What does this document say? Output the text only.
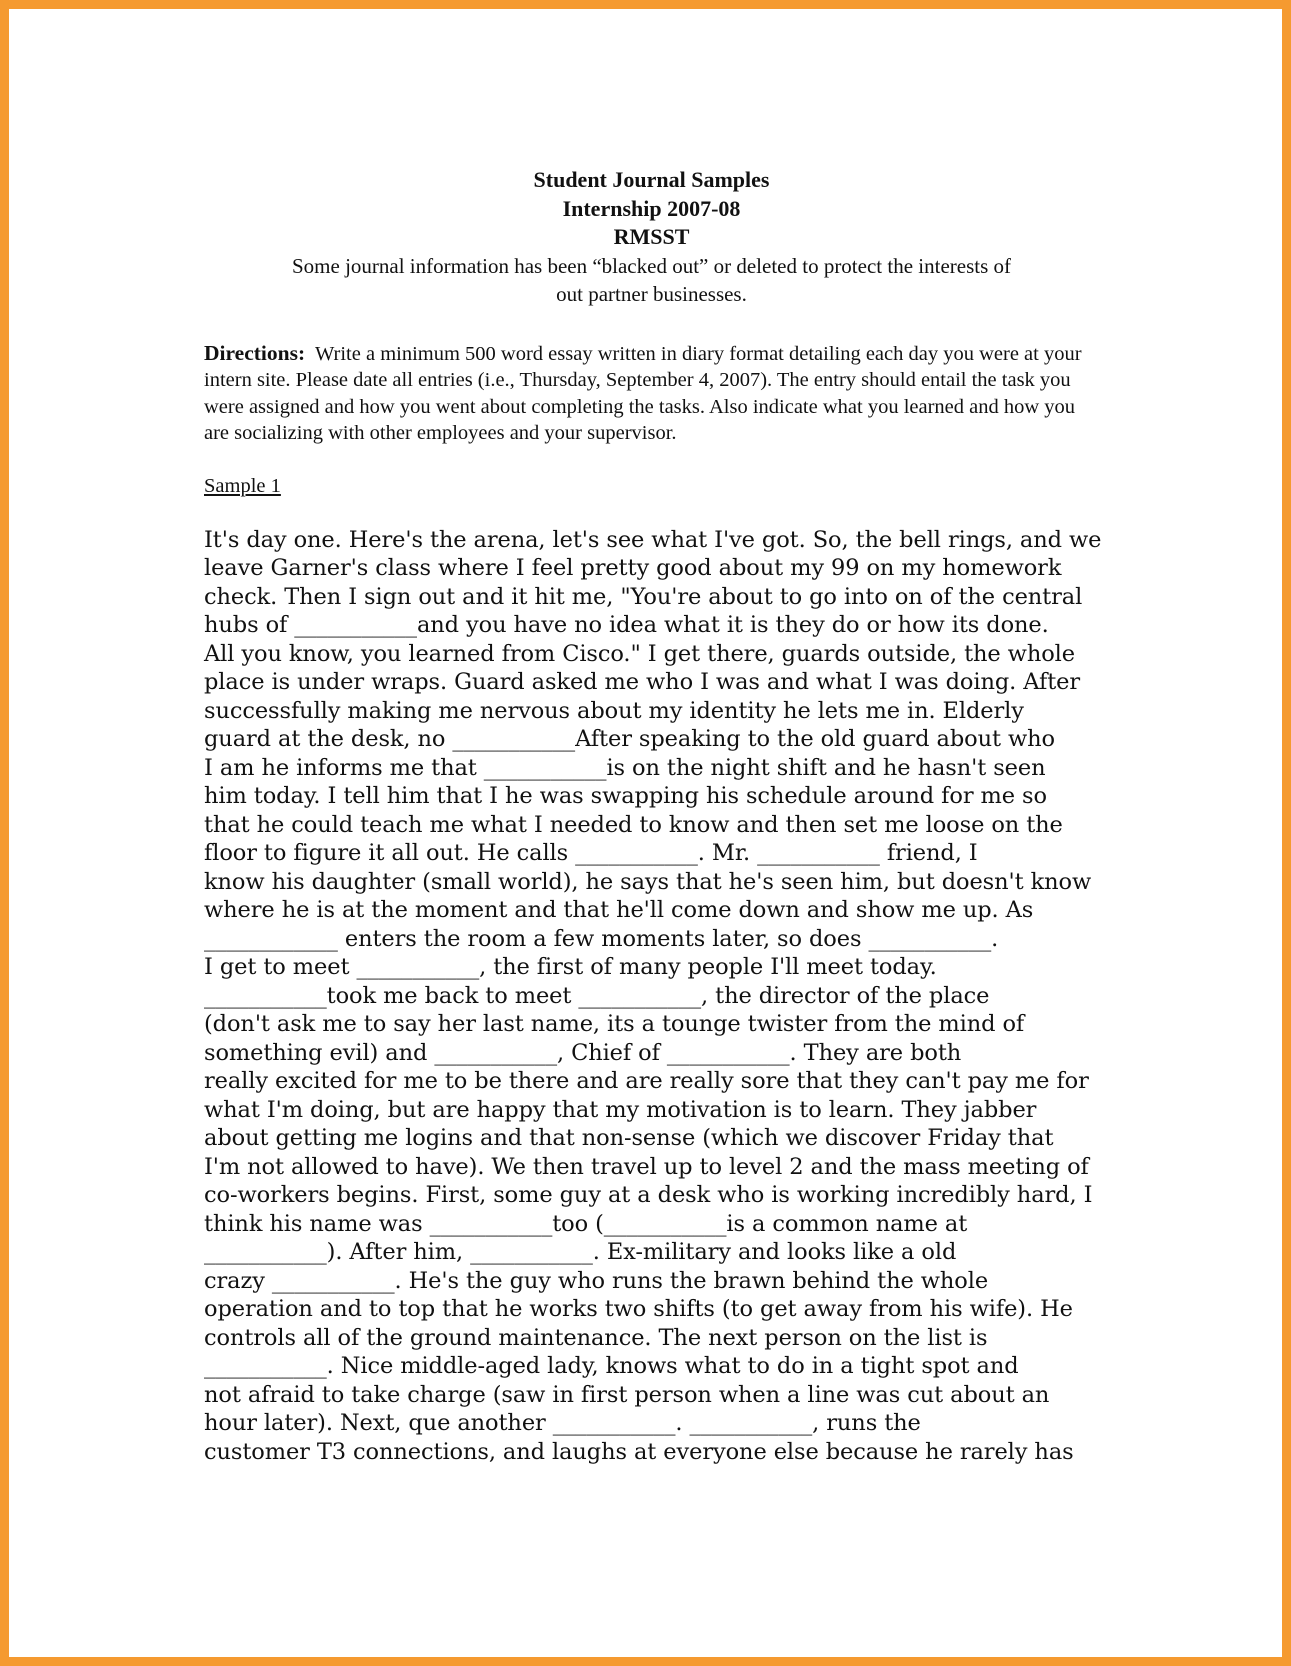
Student Journal Samples
Internship 2007-08
RMSST
Some journal information has been “blacked out” or deleted to protect the interests of
out partner businesses.
Directions: Write a minimum 500 word essay written in diary format detailing each day you were at your intern site. Please date all entries (i.e., Thursday, September 4, 2007). The entry should entail the task you were assigned and how you went about completing the tasks. Also indicate what you learned and how you are socializing with other employees and your supervisor.
Sample 1
It's day one. Here's the arena, let's see what I've got. So, the bell rings, and we
leave Garner's class where I feel pretty good about my 99 on my homework
check. Then I sign out and it hit me, "You're about to go into on of the central
hubs of ___________and you have no idea what it is they do or how its done.
All you know, you learned from Cisco." I get there, guards outside, the whole
place is under wraps. Guard asked me who I was and what I was doing. After
successfully making me nervous about my identity he lets me in. Elderly
guard at the desk, no ___________After speaking to the old guard about who
I am he informs me that ___________is on the night shift and he hasn't seen
him today. I tell him that I he was swapping his schedule around for me so
that he could teach me what I needed to know and then set me loose on the
floor to figure it all out. He calls ___________. Mr. ___________ friend, I
know his daughter (small world), he says that he's seen him, but doesn't know
where he is at the moment and that he'll come down and show me up. As
____________ enters the room a few moments later, so does ___________.
I get to meet ___________, the first of many people I'll meet today.
___________took me back to meet ___________, the director of the place
(don't ask me to say her last name, its a tounge twister from the mind of
something evil) and ___________, Chief of ___________. They are both
really excited for me to be there and are really sore that they can't pay me for
what I'm doing, but are happy that my motivation is to learn. They jabber
about getting me logins and that non-sense (which we discover Friday that
I'm not allowed to have). We then travel up to level 2 and the mass meeting of
co-workers begins. First, some guy at a desk who is working incredibly hard, I
think his name was ___________too (___________is a common name at
___________). After him, ___________. Ex-military and looks like a old
crazy ___________. He's the guy who runs the brawn behind the whole
operation and to top that he works two shifts (to get away from his wife). He
controls all of the ground maintenance. The next person on the list is
___________. Nice middle-aged lady, knows what to do in a tight spot and
not afraid to take charge (saw in first person when a line was cut about an
hour later). Next, que another ___________. ___________, runs the
customer T3 connections, and laughs at everyone else because he rarely has
